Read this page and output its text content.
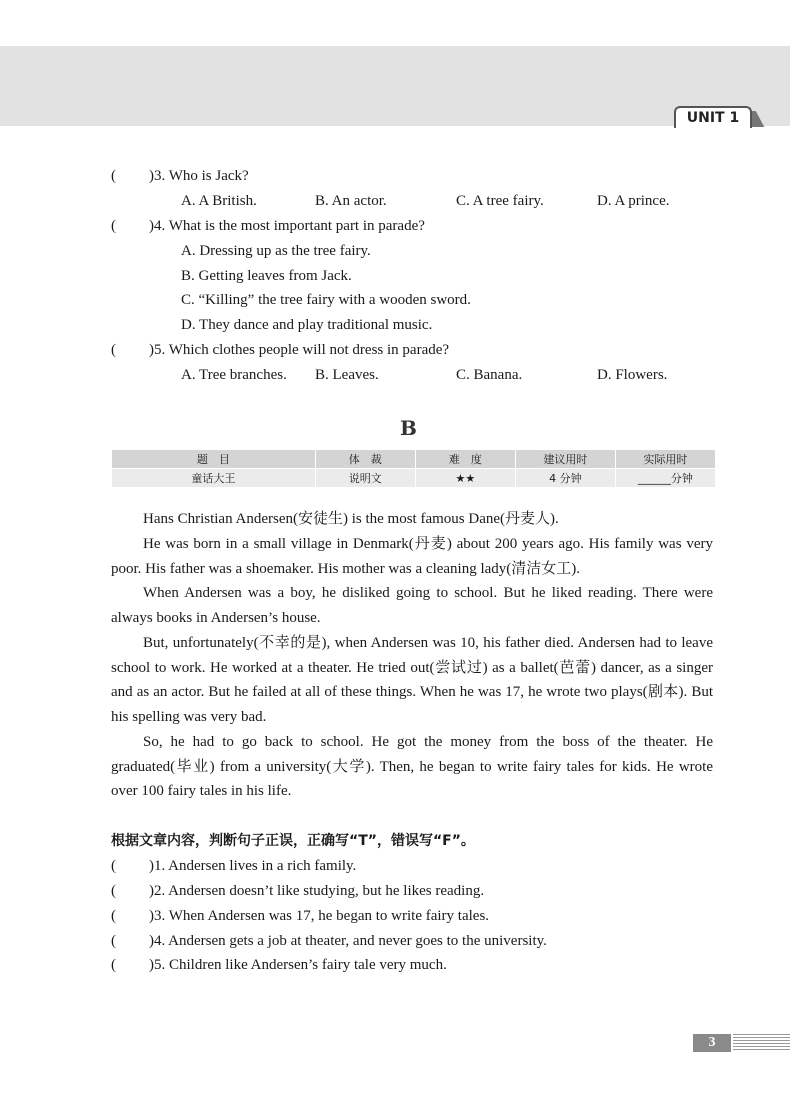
UNIT 1
( )3. Who is Jack?
A. A British.	B. An actor.	C. A tree fairy.	D. A prince.
( )4. What is the most important part in parade?
A. Dressing up as the tree fairy.
B. Getting leaves from Jack.
C. “Killing” the tree fairy with a wooden sword.
D. They dance and play traditional music.
( )5. Which clothes people will not dress in parade?
A. Tree branches. B. Leaves.	C. Banana.	D. Flowers.
B
题　目	体　裁	难　度	建议用时	实际用时
童话大王	说明文	★★	4 分钟	______分钟
Hans Christian Andersen(安徒生) is the most famous Dane(丹麦人).
He was born in a small village in Denmark(丹麦) about 200 years ago. His family was very poor. His father was a shoemaker. His mother was a cleaning lady(清洁女工).
When Andersen was a boy, he disliked going to school. But he liked reading. There were always books in Andersen’s house.
But, unfortunately(不幸的是), when Andersen was 10, his father died. Andersen had to leave school to work. He worked at a theater. He tried out(尝试过) as a ballet(芭蕾) dancer, as a singer and as an actor. But he failed at all of these things. When he was 17, he wrote two plays(剧本). But his spelling was very bad.
So, he had to go back to school. He got the money from the boss of the theater. He graduated(毕业) from a university(大学). Then, he began to write fairy tales for kids. He wrote over 100 fairy tales in his life.
根据文章内容，判断句子正误，正确写“T”，错误写“F”。
( )1. Andersen lives in a rich family.
( )2. Andersen doesn’t like studying, but he likes reading.
( )3. When Andersen was 17, he began to write fairy tales.
( )4. Andersen gets a job at theater, and never goes to the university.
( )5. Children like Andersen’s fairy tale very much.
3
